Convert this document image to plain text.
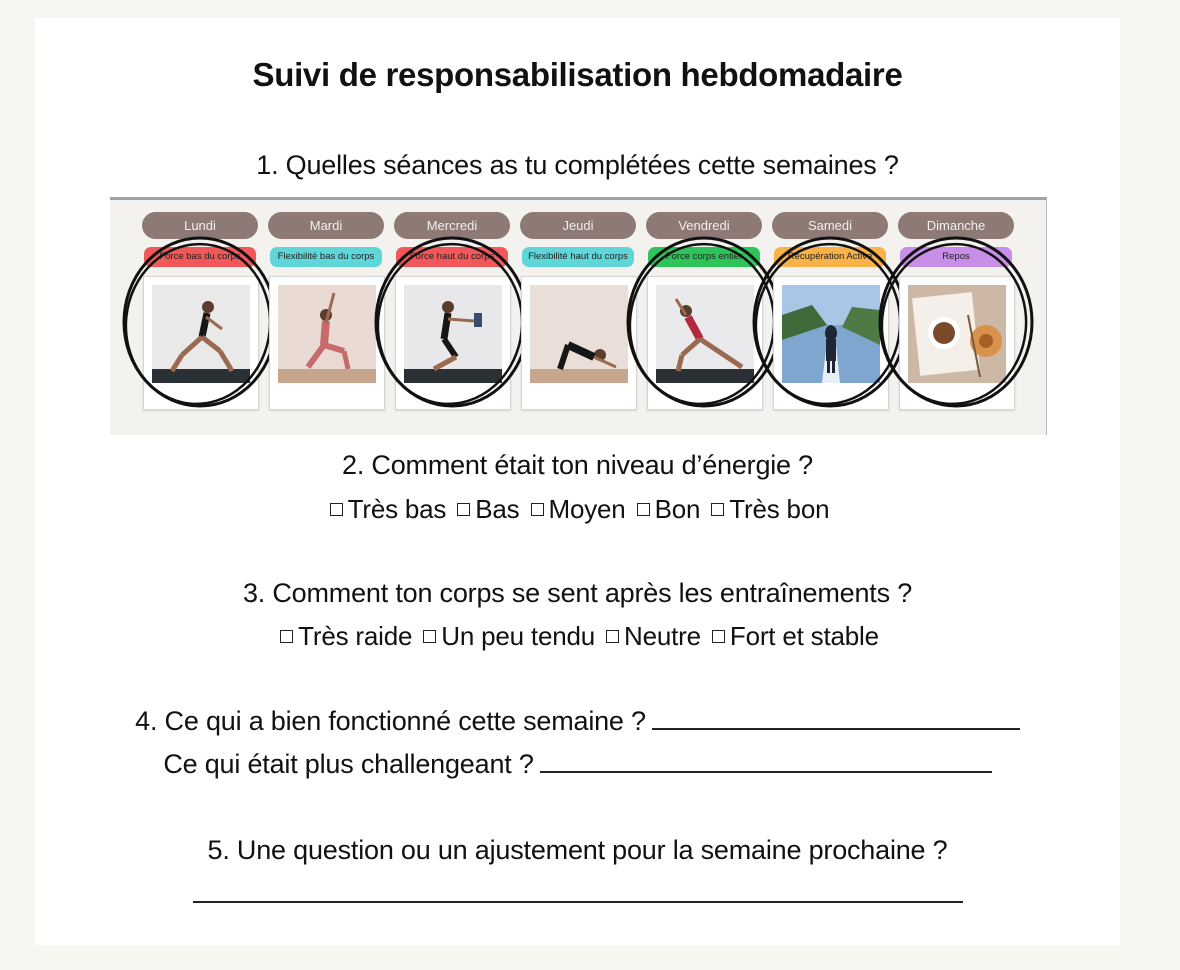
Suivi de responsabilisation hebdomadaire
1. Quelles séances as tu complétées cette semaines ?
2. Comment était ton niveau d’énergie ?
Très bas Bas Moyen Bon Très bon
3. Comment ton corps se sent après les entraînements ?
Très raide Un peu tendu Neutre Fort et stable
4. Ce qui a bien fonctionné cette semaine ?
Ce qui était plus challengeant ?
5. Une question ou un ajustement pour la semaine prochaine ?
Lundi
Force bas du corps
Mardi
Flexibilité bas du corps
Mercredi
Force haut du corps
Jeudi
Flexibilité haut du corps
Vendredi
Force corps entier
Samedi
Récupération Active
Dimanche
Repos
